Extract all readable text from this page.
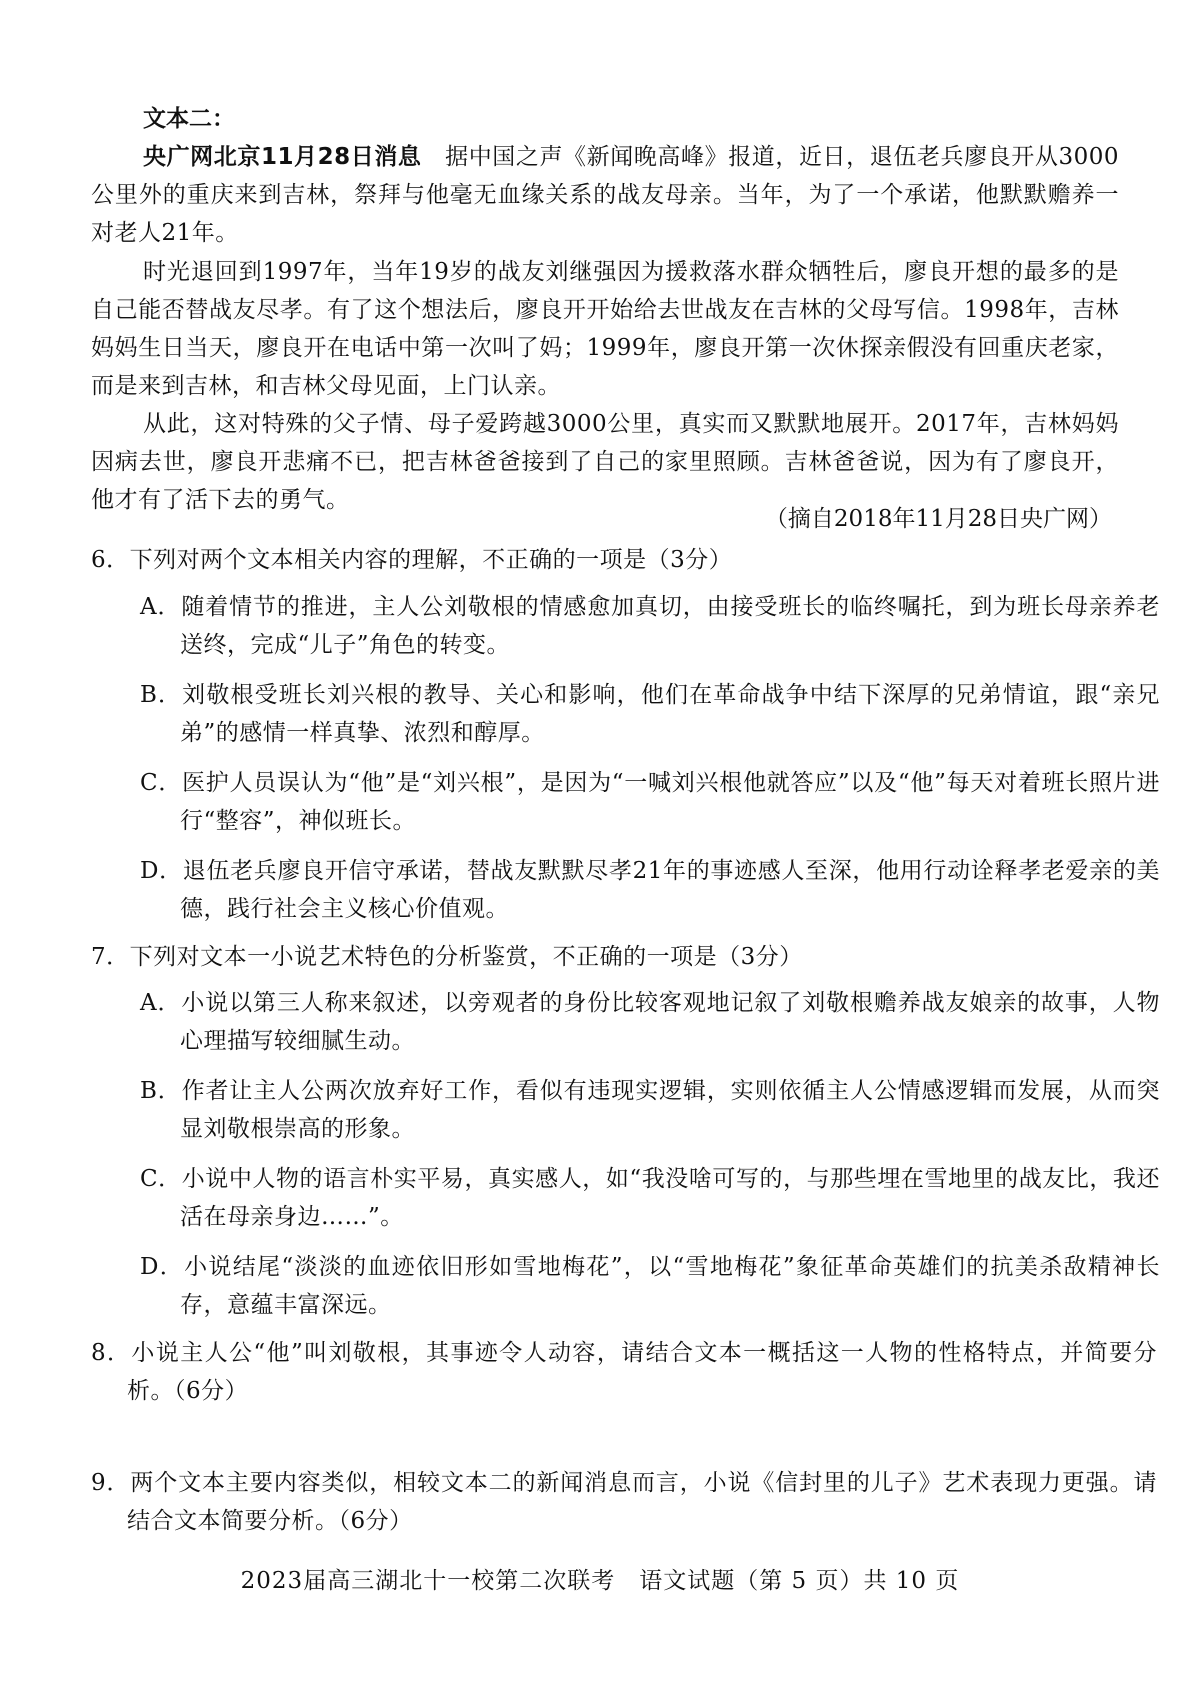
文本二：
央广网北京11月28日消息　据中国之声《新闻晚高峰》报道，近日，退伍老兵廖良开从3000公里外的重庆来到吉林，祭拜与他毫无血缘关系的战友母亲。当年，为了一个承诺，他默默赡养一对老人21年。
时光退回到1997年，当年19岁的战友刘继强因为援救落水群众牺牲后，廖良开想的最多的是自己能否替战友尽孝。有了这个想法后，廖良开开始给去世战友在吉林的父母写信。1998年，吉林妈妈生日当天，廖良开在电话中第一次叫了妈；1999年，廖良开第一次休探亲假没有回重庆老家，而是来到吉林，和吉林父母见面，上门认亲。
从此，这对特殊的父子情、母子爱跨越3000公里，真实而又默默地展开。2017年，吉林妈妈因病去世，廖良开悲痛不已，把吉林爸爸接到了自己的家里照顾。吉林爸爸说，因为有了廖良开，他才有了活下去的勇气。
（摘自2018年11月28日央广网）
6．下列对两个文本相关内容的理解，不正确的一项是（3分）
A．随着情节的推进，主人公刘敬根的情感愈加真切，由接受班长的临终嘱托，到为班长母亲养老送终，完成“儿子”角色的转变。
B．刘敬根受班长刘兴根的教导、关心和影响，他们在革命战争中结下深厚的兄弟情谊，跟“亲兄弟”的感情一样真挚、浓烈和醇厚。
C．医护人员误认为“他”是“刘兴根”，是因为“一喊刘兴根他就答应”以及“他”每天对着班长照片进行“整容”，神似班长。
D．退伍老兵廖良开信守承诺，替战友默默尽孝21年的事迹感人至深，他用行动诠释孝老爱亲的美德，践行社会主义核心价值观。
7．下列对文本一小说艺术特色的分析鉴赏，不正确的一项是（3分）
A．小说以第三人称来叙述，以旁观者的身份比较客观地记叙了刘敬根赡养战友娘亲的故事，人物心理描写较细腻生动。
B．作者让主人公两次放弃好工作，看似有违现实逻辑，实则依循主人公情感逻辑而发展，从而突显刘敬根崇高的形象。
C．小说中人物的语言朴实平易，真实感人，如“我没啥可写的，与那些埋在雪地里的战友比，我还活在母亲身边……”。
D．小说结尾“淡淡的血迹依旧形如雪地梅花”，以“雪地梅花”象征革命英雄们的抗美杀敌精神长存，意蕴丰富深远。
8．小说主人公“他”叫刘敬根，其事迹令人动容，请结合文本一概括这一人物的性格特点，并简要分析。（6分）
9．两个文本主要内容类似，相较文本二的新闻消息而言，小说《信封里的儿子》艺术表现力更强。请结合文本简要分析。（6分）
2023届高三湖北十一校第二次联考　语文试题（第 5 页）共 10 页
